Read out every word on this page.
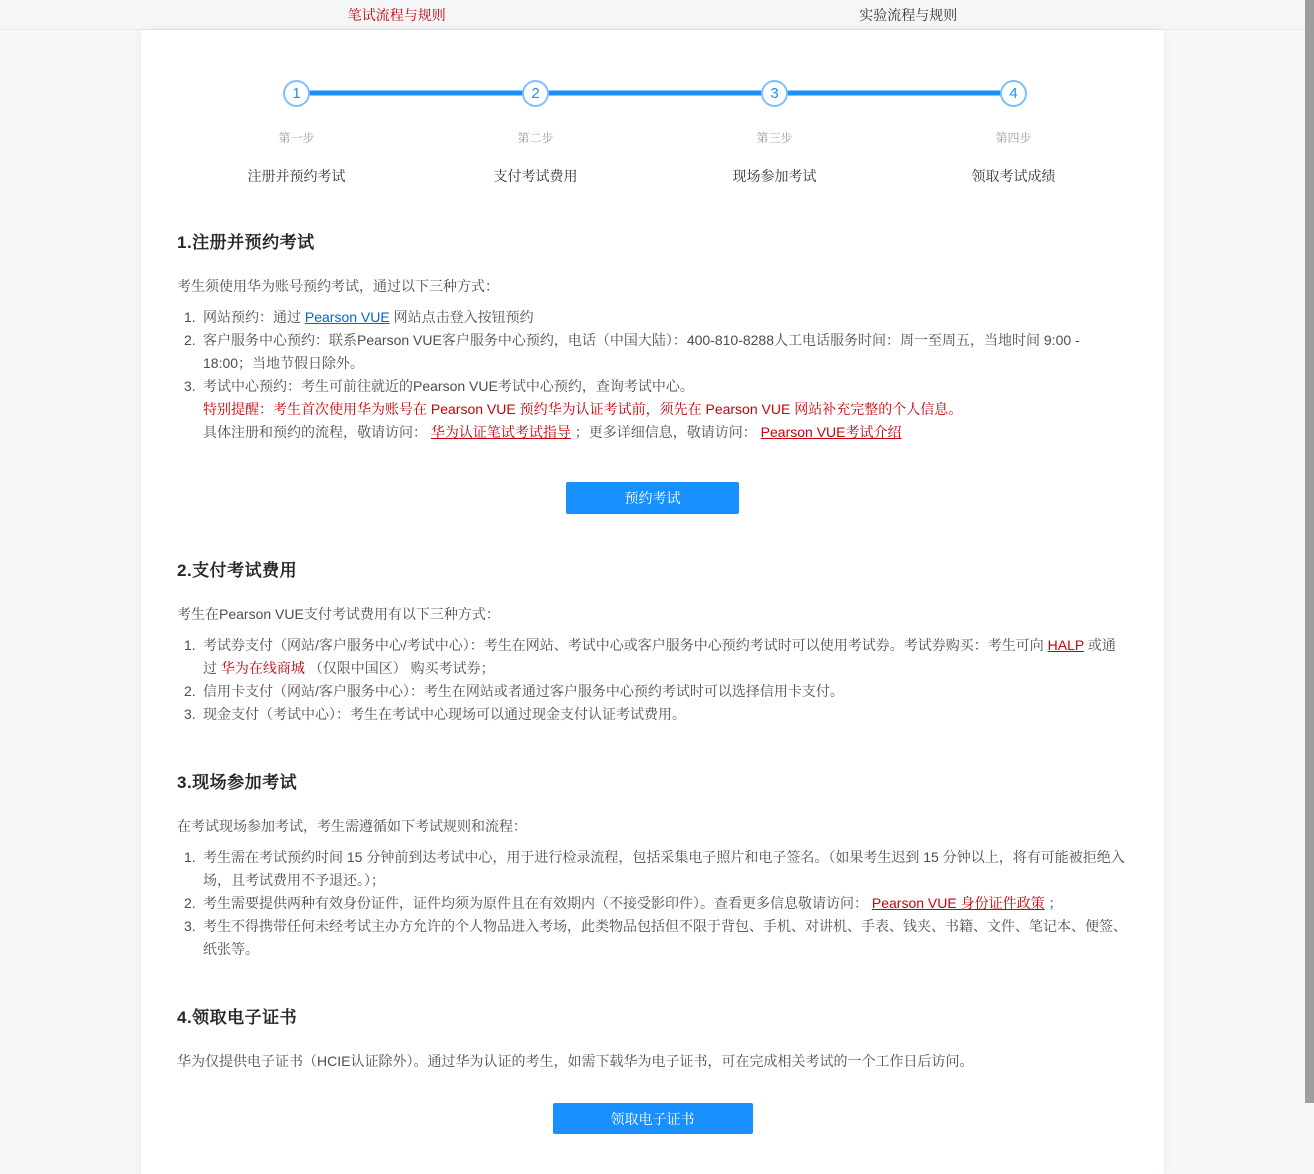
笔试流程与规则	实验流程与规则
1
第一步
注册并预约考试
2
第二步
支付考试费用
3
第三步
现场参加考试
4
第四步
领取考试成绩
1.注册并预约考试

考生须使用华为账号预约考试，通过以下三种方式：

网站预约：通过 Pearson VUE 网站点击登入按钮预约
客户服务中心预约：联系Pearson VUE客户服务中心预约，电话（中国大陆）：400-810-8288人工电话服务时间：周一至周五，当地时间 9:00 - 18:00；当地节假日除外。
考试中心预约：考生可前往就近的Pearson VUE考试中心预约，查询考试中心。

特别提醒：考生首次使用华为账号在 Pearson VUE 预约华为认证考试前，须先在 Pearson VUE 网站补充完整的个人信息。

具体注册和预约的流程，敬请访问： 华为认证笔试考试指导 ；更多详细信息，敬请访问： Pearson VUE考试介绍

预约考试
2.支付考试费用

考生在Pearson VUE支付考试费用有以下三种方式：

考试券支付（网站/客户服务中心/考试中心）：考生在网站、考试中心或客户服务中心预约考试时可以使用考试券。考试券购买：考生可向 HALP 或通过 华为在线商城 （仅限中国区） 购买考试券；
信用卡支付（网站/客户服务中心）：考生在网站或者通过客户服务中心预约考试时可以选择信用卡支付。
现金支付（考试中心）：考生在考试中心现场可以通过现金支付认证考试费用。
3.现场参加考试

在考试现场参加考试，考生需遵循如下考试规则和流程：

考生需在考试预约时间 15 分钟前到达考试中心，用于进行检录流程，包括采集电子照片和电子签名。（如果考生迟到 15 分钟以上，将有可能被拒绝入场，且考试费用不予退还。）；
考生需要提供两种有效身份证件，证件均须为原件且在有效期内（不接受影印件）。查看更多信息敬请访问： Pearson VUE 身份证件政策 ；
考生不得携带任何未经考试主办方允许的个人物品进入考场，此类物品包括但不限于背包、手机、对讲机、手表、钱夹、书籍、文件、笔记本、便签、纸张等。
4.领取电子证书

华为仅提供电子证书（HCIE认证除外）。通过华为认证的考生，如需下载华为电子证书，可在完成相关考试的一个工作日后访问。

领取电子证书
